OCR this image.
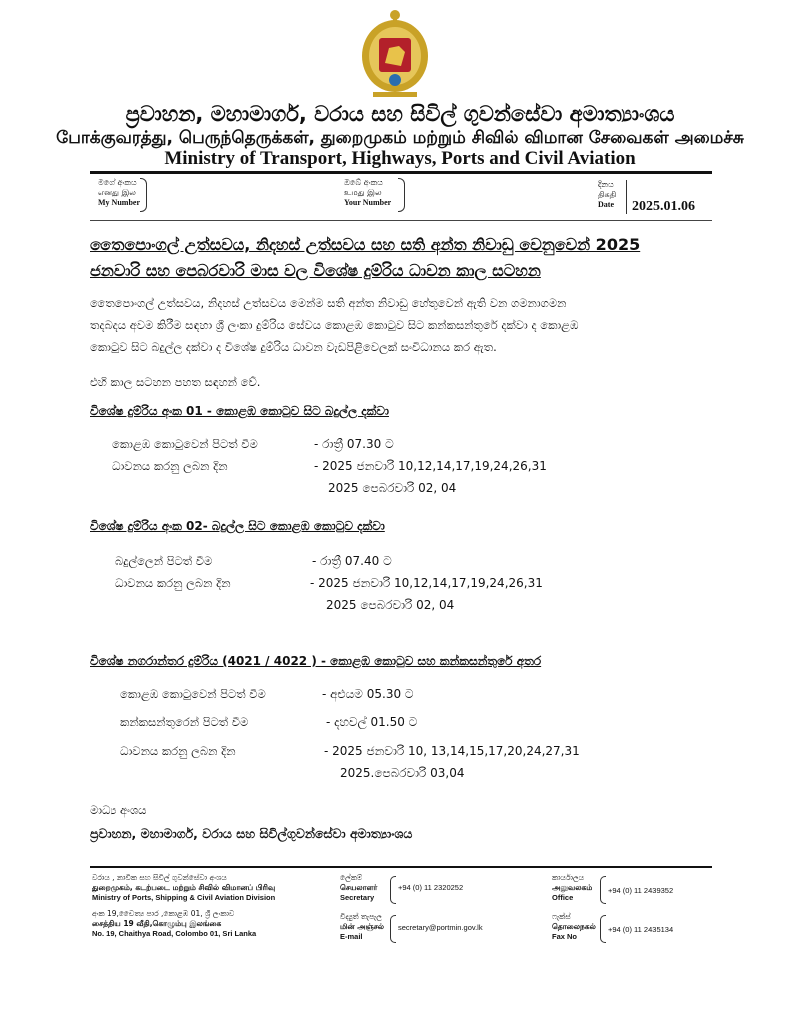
ප්‍රවාහන, මහාමාර්ග, වරාය සහ සිවිල් ගුවන්සේවා අමාත්‍යාංශය
போக்குவரத்து, பெருந்தெருக்கள், துறைமுகம் மற்றும் சிவில் விமான சேவைகள் அமைச்சு
Ministry of Transport, Highways, Ports and Civil Aviation
මගේ අංකය
எனது இல
My Number
ඔබේ අංකය
உமது இல
Your Number
දිනය
திகதி
Date 2025.01.06
තෛපොංගල් උත්සවය, නිදහස් උත්සවය සහ සති අන්ත නිවාඩු වෙනුවෙන් 2025
ජනවාරි සහ පෙබරවාරි මාස වල විශේෂ දුම්රිය ධාවන කාල සටහන
තෛපොංගල් උත්සවය, නිදහස් උත්සවය මෙන්ම සති අන්ත නිවාඩු හේතුවෙන් ඇති වන ගමනාගමන
තදබදය අවම කිරීම සඳහා ශ්‍රී ලංකා දුම්රිය සේවය කොළඹ කොටුව සිට කන්කසන්තුරේ දක්වා ද කොළඹ
කොටුව සිට බදුල්ල දක්වා ද විශේෂ දුම්රිය ධාවන වැඩපිළිවෙලක් සංවිධානය කර ඇත.
එහි කාල සටහන පහත සඳහන් වේ.
විශේෂ දුම්රිය අංක 01 - කොළඹ කොටුව සිට බදුල්ල දක්වා
කොළඹ කොටුවෙන් පිටත් වීම	- රාත්‍රී 07.30 ට
ධාවනය කරනු ලබන දින	- 2025 ජනවාරි 10,12,14,17,19,24,26,31
2025 පෙබරවාරි 02, 04
විශේෂ දුම්රිය අංක 02- බදුල්ල සිට කොළඹ කොටුව දක්වා
බදුල්ලෙන් පිටත් වීම	- රාත්‍රී 07.40 ට
ධාවනය කරනු ලබන දින	- 2025 ජනවාරි 10,12,14,17,19,24,26,31
2025 පෙබරවාරි 02, 04
විශේෂ නගරාන්තර දුම්රිය (4021 / 4022 ) - කොළඹ කොටුව සහ කන්කසන්තුරේ අතර
කොළඹ කොටුවෙන් පිටත් වීම	- අළුයම 05.30 ට
කන්කසන්තුරෙන් පිටත් වීම	- දහවල් 01.50 ට
ධාවනය කරනු ලබන දින	- 2025 ජනවාරි 10, 13,14,15,17,20,24,27,31
2025.පෙබරවාරි 03,04
මාධ්‍ය අංශය
ප්‍රවාහන, මහාමාර්ග, වරාය සහ සිවිල්ගුවන්සේවා අමාත්‍යාංශය
වරාය , නාවික සහ සිවිල් ගුවන්සේවා අංශය
துறைமுகம், கடற்படை மற்றும் சிவில் விமானப் பிரிவு
Ministry of Ports, Shipping & Civil Aviation Division
අංක 19,චෛත්‍ය පාර ,කොළඹ 01, ශ්‍රී ලංකාව
சைத்திய 19 வீதி,கொழும்பு இலங்கை
No. 19, Chaithya Road, Colombo 01, Sri Lanka
ලේකම්
செயலாளர்
Secretary
+94 (0) 11 2320252
විද්‍යුත් තැපැල
மின் அஞ்சல்
E-mail
secretary@portmin.gov.lk
කාර්යාලය
அலுவலகம்
Office
+94 (0) 11 2439352
ෆැක්ස්
தொலைநகல்
Fax No
+94 (0) 11 2435134
